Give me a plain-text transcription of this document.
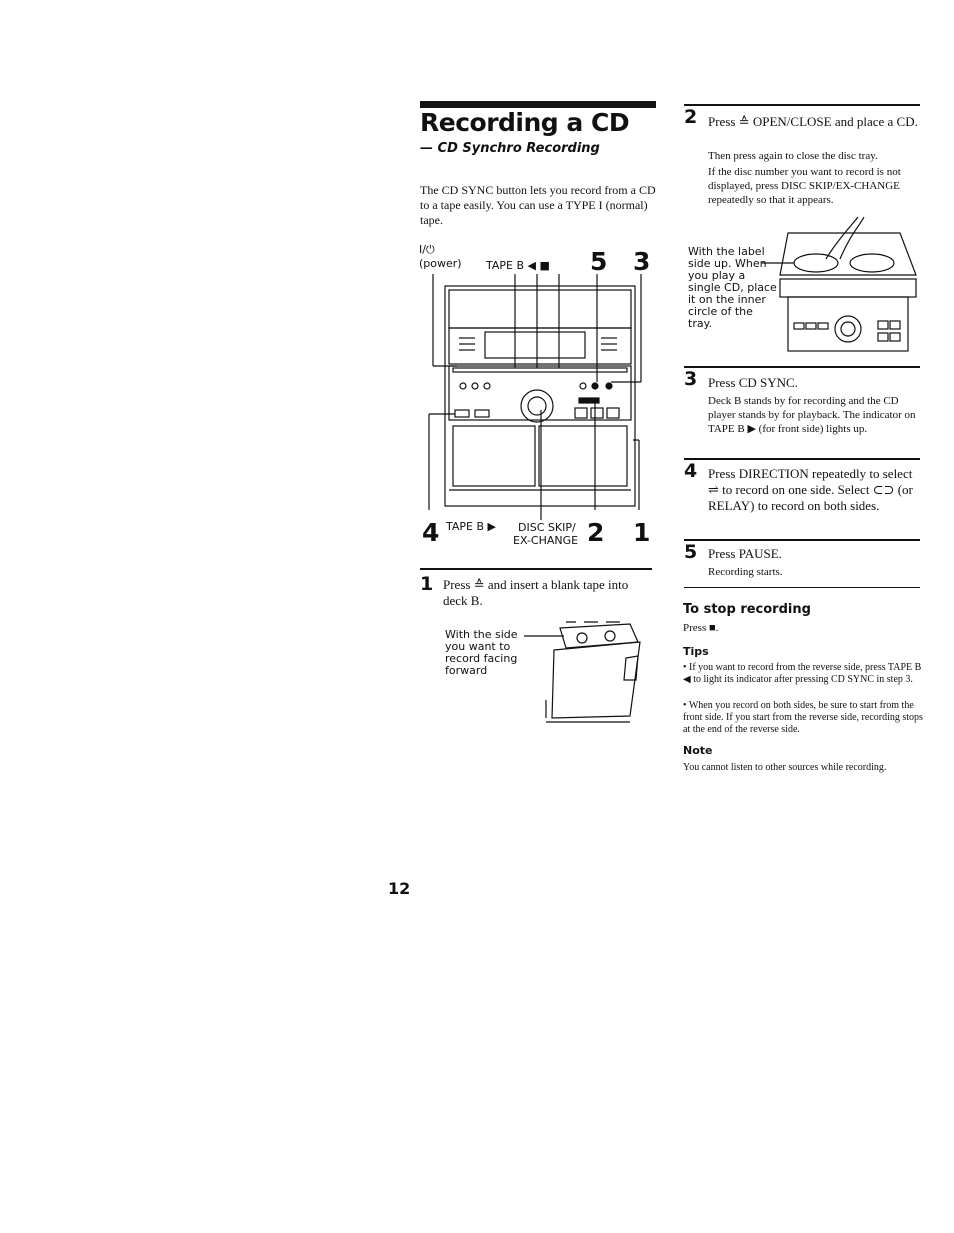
Recording a CD
— CD Synchro Recording
The CD SYNC button lets you record from a CD to a tape easily. You can use a TYPE I (normal) tape.
I/⏻
(power) TAPE B ◀ ■ 5 3
4 TAPE B ▶ DISC SKIP/
EX-CHANGE 2 1
1 Press ≙ and insert a blank tape into deck B.
With the side you want to record facing forward
2 Press ≙ OPEN/CLOSE and place a CD.
Then press again to close the disc tray.
If the disc number you want to record is not displayed, press DISC SKIP/EX-CHANGE repeatedly so that it appears.
With the label side up. When you play a single CD, place it on the inner circle of the tray.
3 Press CD SYNC.
Deck B stands by for recording and the CD player stands by for playback. The indicator on TAPE B ▶ (for front side) lights up.
4 Press DIRECTION repeatedly to select ⇌ to record on one side. Select ⊂⊃ (or RELAY) to record on both sides.
5 Press PAUSE.
Recording starts.
To stop recording
Press ■.
Tips
• If you want to record from the reverse side, press TAPE B ◀ to light its indicator after pressing CD SYNC in step 3.
• When you record on both sides, be sure to start from the front side. If you start from the reverse side, recording stops at the end of the reverse side.
Note
You cannot listen to other sources while recording.
12
